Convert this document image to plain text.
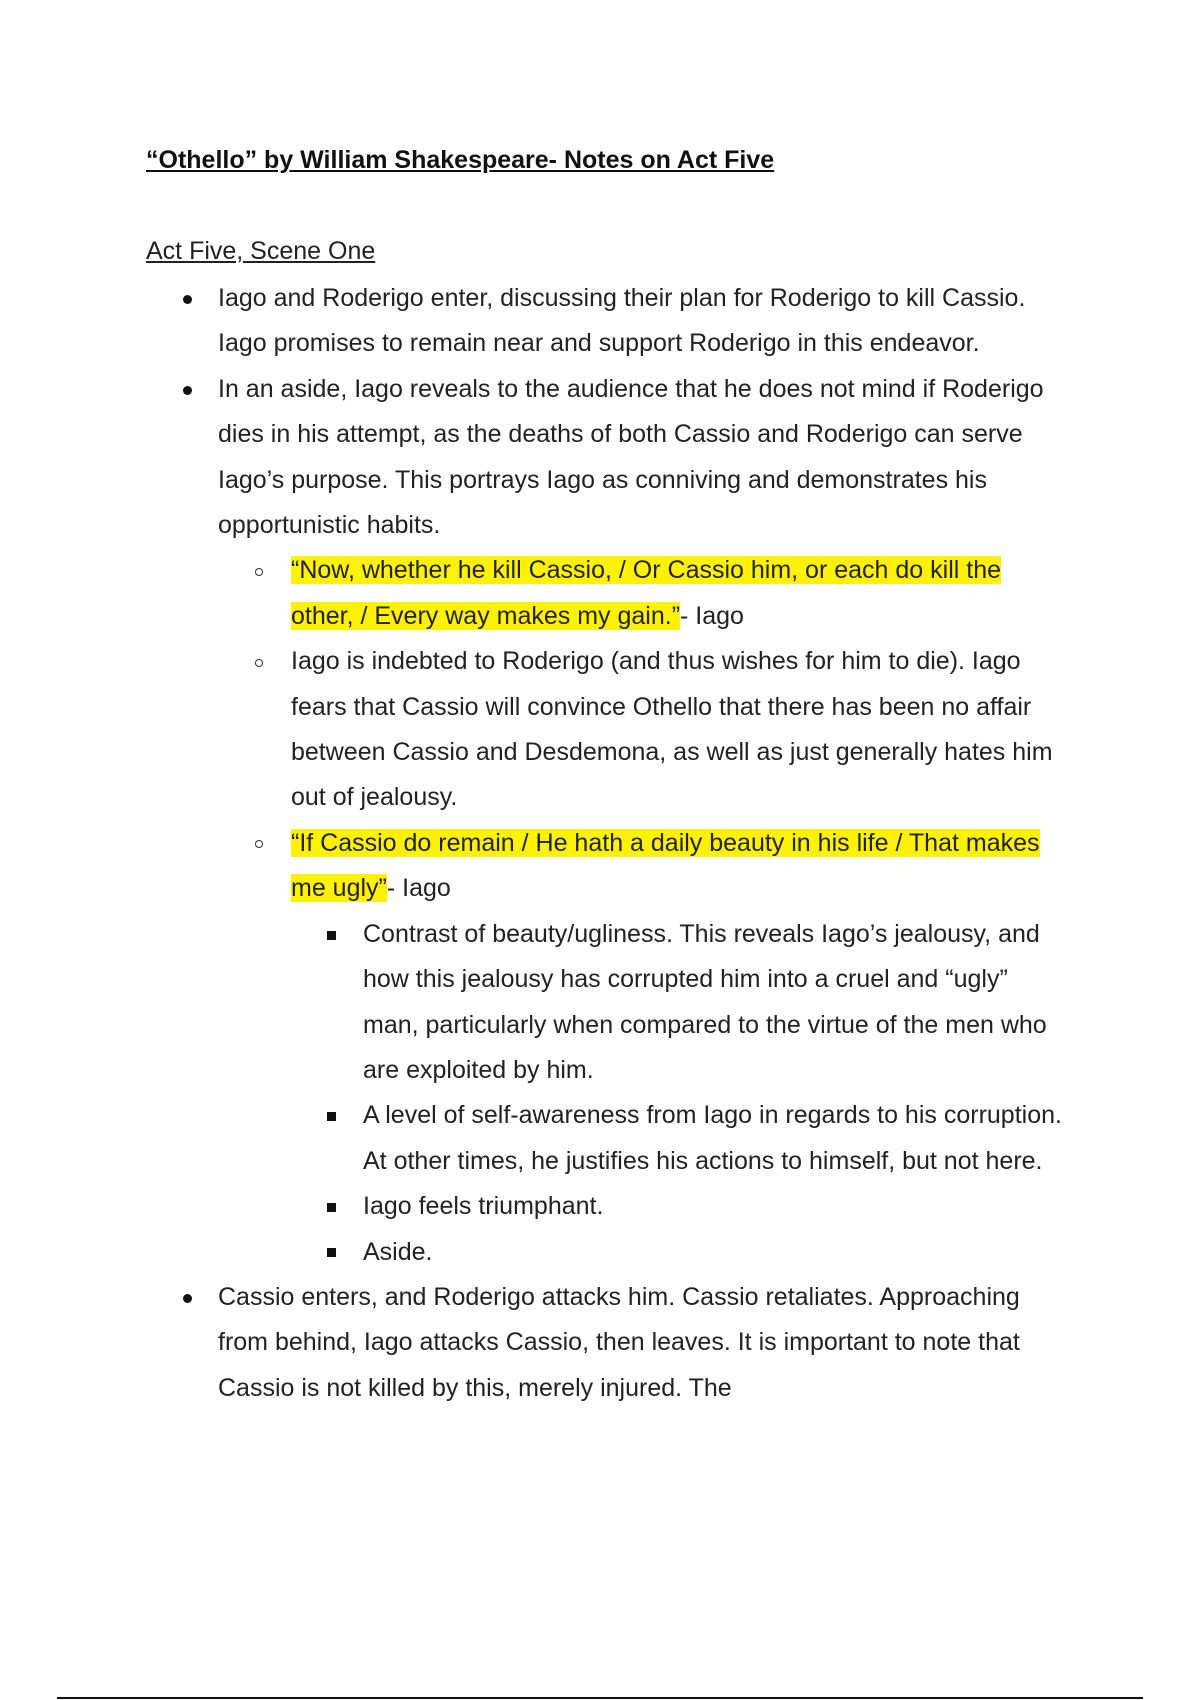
“Othello” by William Shakespeare- Notes on Act Five
Act Five, Scene One
Iago and Roderigo enter, discussing their plan for Roderigo to kill Cassio. Iago promises to remain near and support Roderigo in this endeavor.
In an aside, Iago reveals to the audience that he does not mind if Roderigo dies in his attempt, as the deaths of both Cassio and Roderigo can serve Iago’s purpose. This portrays Iago as conniving and demonstrates his opportunistic habits.
“Now, whether he kill Cassio, / Or Cassio him, or each do kill the other, / Every way makes my gain.”- Iago
Iago is indebted to Roderigo (and thus wishes for him to die). Iago fears that Cassio will convince Othello that there has been no affair between Cassio and Desdemona, as well as just generally hates him out of jealousy.
“If Cassio do remain / He hath a daily beauty in his life / That makes me ugly”- Iago
Contrast of beauty/ugliness. This reveals Iago’s jealousy, and how this jealousy has corrupted him into a cruel and “ugly” man, particularly when compared to the virtue of the men who are exploited by him.
A level of self-awareness from Iago in regards to his corruption. At other times, he justifies his actions to himself, but not here.
Iago feels triumphant.
Aside.
Cassio enters, and Roderigo attacks him. Cassio retaliates. Approaching from behind, Iago attacks Cassio, then leaves. It is important to note that Cassio is not killed by this, merely injured. The
